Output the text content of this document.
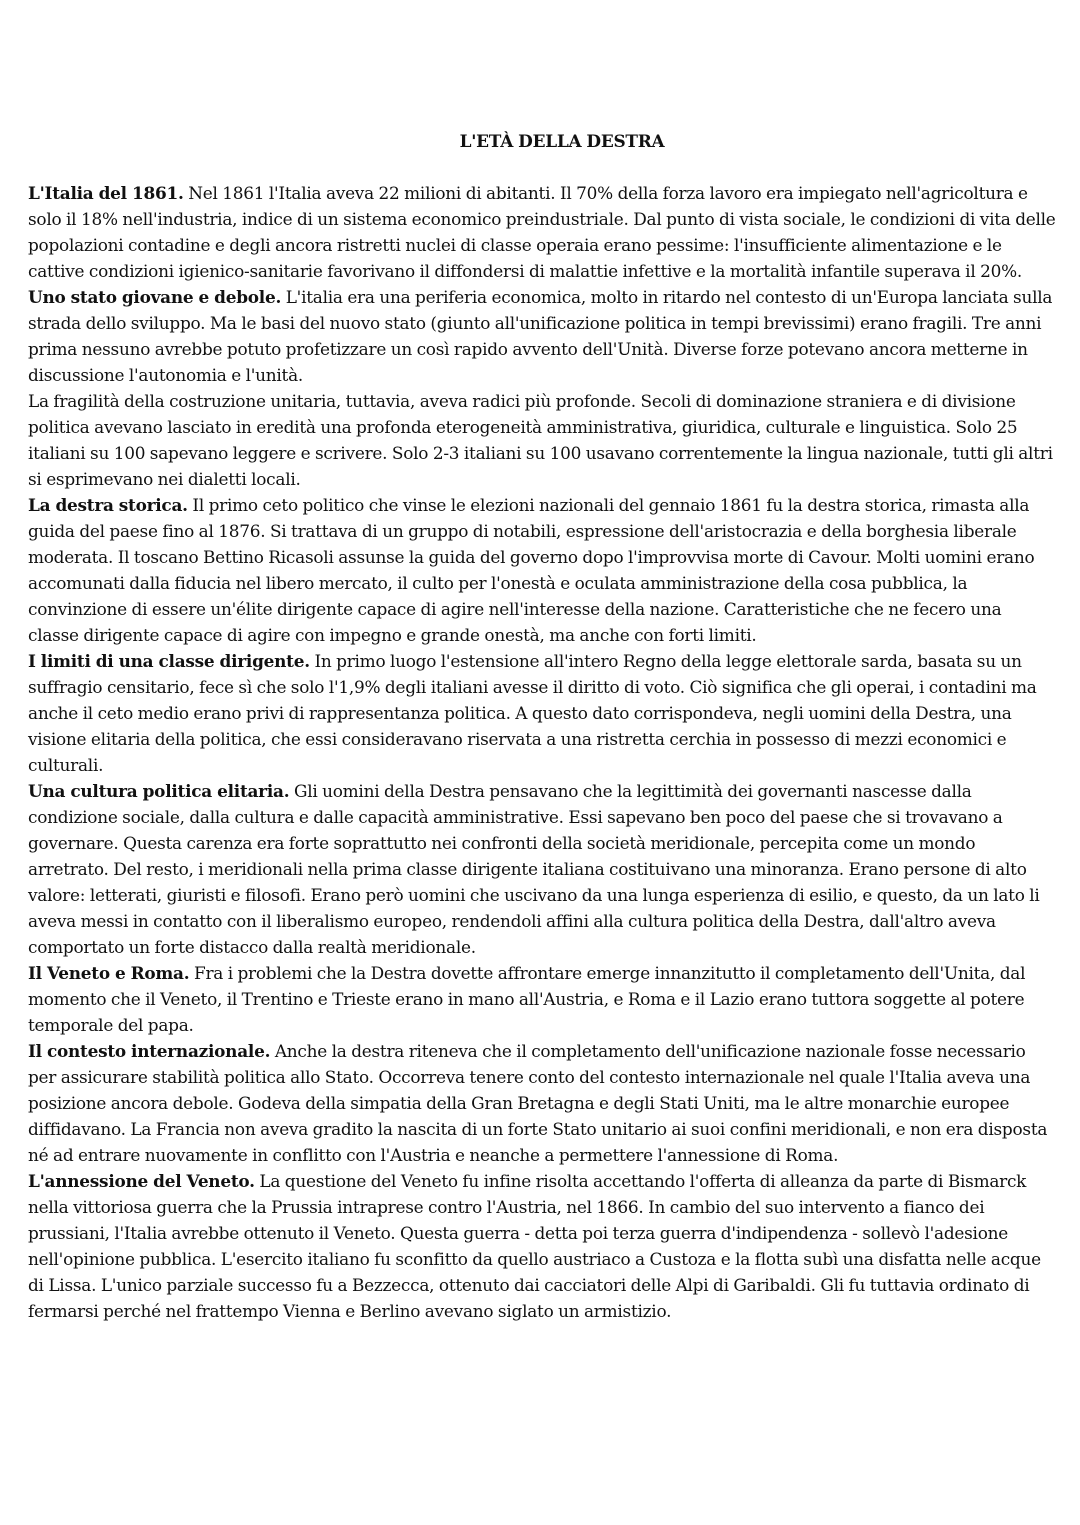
L'ETÀ DELLA DESTRA

L'Italia del 1861. Nel 1861 l'Italia aveva 22 milioni di abitanti. Il 70% della forza lavoro era impiegato nell'agricoltura e solo il 18% nell'industria, indice di un sistema economico preindustriale. Dal punto di vista sociale, le condizioni di vita delle popolazioni contadine e degli ancora ristretti nuclei di classe operaia erano pessime: l'insufficiente alimentazione e le cattive condizioni igienico-sanitarie favorivano il diffondersi di malattie infettive e la mortalità infantile superava il 20%.

Uno stato giovane e debole. L'italia era una periferia economica, molto in ritardo nel contesto di un'Europa lanciata sulla strada dello sviluppo. Ma le basi del nuovo stato (giunto all'unificazione politica in tempi brevissimi) erano fragili. Tre anni prima nessuno avrebbe potuto profetizzare un così rapido avvento dell'Unità. Diverse forze potevano ancora metterne in discussione l'autonomia e l'unità.

La fragilità della costruzione unitaria, tuttavia, aveva radici più profonde. Secoli di dominazione straniera e di divisione politica avevano lasciato in eredità una profonda eterogeneità amministrativa, giuridica, culturale e linguistica. Solo 25 italiani su 100 sapevano leggere e scrivere. Solo 2-3 italiani su 100 usavano correntemente la lingua nazionale, tutti gli altri si esprimevano nei dialetti locali.

La destra storica. Il primo ceto politico che vinse le elezioni nazionali del gennaio 1861 fu la destra storica, rimasta alla guida del paese fino al 1876. Si trattava di un gruppo di notabili, espressione dell'aristocrazia e della borghesia liberale moderata. Il toscano Bettino Ricasoli assunse la guida del governo dopo l'improvvisa morte di Cavour. Molti uomini erano accomunati dalla fiducia nel libero mercato, il culto per l'onestà e oculata amministrazione della cosa pubblica, la convinzione di essere un'élite dirigente capace di agire nell'interesse della nazione. Caratteristiche che ne fecero una classe dirigente capace di agire con impegno e grande onestà, ma anche con forti limiti.

I limiti di una classe dirigente. In primo luogo l'estensione all'intero Regno della legge elettorale sarda, basata su un suffragio censitario, fece sì che solo l'1,9% degli italiani avesse il diritto di voto. Ciò significa che gli operai, i contadini ma anche il ceto medio erano privi di rappresentanza politica. A questo dato corrispondeva, negli uomini della Destra, una visione elitaria della politica, che essi consideravano riservata a una ristretta cerchia in possesso di mezzi economici e culturali.

Una cultura politica elitaria. Gli uomini della Destra pensavano che la legittimità dei governanti nascesse dalla condizione sociale, dalla cultura e dalle capacità amministrative. Essi sapevano ben poco del paese che si trovavano a governare. Questa carenza era forte soprattutto nei confronti della società meridionale, percepita come un mondo arretrato. Del resto, i meridionali nella prima classe dirigente italiana costituivano una minoranza. Erano persone di alto valore: letterati, giuristi e filosofi. Erano però uomini che uscivano da una lunga esperienza di esilio, e questo, da un lato li aveva messi in contatto con il liberalismo europeo, rendendoli affini alla cultura politica della Destra, dall'altro aveva comportato un forte distacco dalla realtà meridionale.

Il Veneto e Roma. Fra i problemi che la Destra dovette affrontare emerge innanzitutto il completamento dell'Unita, dal momento che il Veneto, il Trentino e Trieste erano in mano all'Austria, e Roma e il Lazio erano tuttora soggette al potere temporale del papa.

Il contesto internazionale. Anche la destra riteneva che il completamento dell'unificazione nazionale fosse necessario per assicurare stabilità politica allo Stato. Occorreva tenere conto del contesto internazionale nel quale l'Italia aveva una posizione ancora debole. Godeva della simpatia della Gran Bretagna e degli Stati Uniti, ma le altre monarchie europee diffidavano. La Francia non aveva gradito la nascita di un forte Stato unitario ai suoi confini meridionali, e non era disposta né ad entrare nuovamente in conflitto con l'Austria e neanche a permettere l'annessione di Roma.

L'annessione del Veneto. La questione del Veneto fu infine risolta accettando l'offerta di alleanza da parte di Bismarck nella vittoriosa guerra che la Prussia intraprese contro l'Austria, nel 1866. In cambio del suo intervento a fianco dei prussiani, l'Italia avrebbe ottenuto il Veneto. Questa guerra - detta poi terza guerra d'indipendenza - sollevò l'adesione nell'opinione pubblica. L'esercito italiano fu sconfitto da quello austriaco a Custoza e la flotta subì una disfatta nelle acque di Lissa. L'unico parziale successo fu a Bezzecca, ottenuto dai cacciatori delle Alpi di Garibaldi. Gli fu tuttavia ordinato di fermarsi perché nel frattempo Vienna e Berlino avevano siglato un armistizio.
